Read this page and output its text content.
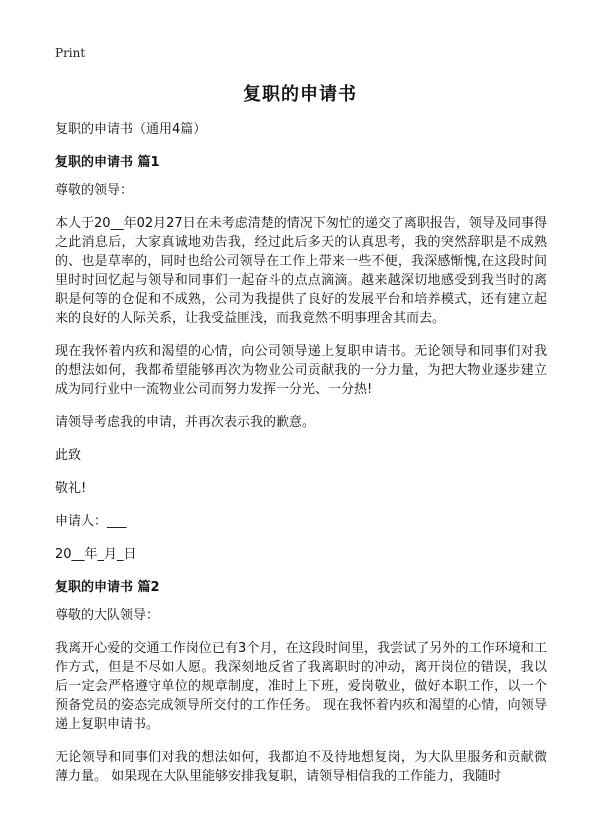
Print
复职的申请书

复职的申请书（通用4篇）

复职的申请书 篇1

尊敬的领导：

本人于20__年02月27日在未考虑清楚的情况下匆忙的递交了离职报告，领导及同事得之此消息后，大家真诚地劝告我，经过此后多天的认真思考，我的突然辞职是不成熟的、也是草率的，同时也给公司领导在工作上带来一些不便，我深感惭愧,在这段时间里时时回忆起与领导和同事们一起奋斗的点点滴滴。越来越深切地感受到我当时的离职是何等的仓促和不成熟，公司为我提供了良好的发展平台和培养模式，还有建立起来的良好的人际关系，让我受益匪浅，而我竟然不明事理舍其而去。

现在我怀着内疚和渴望的心情，向公司领导递上复职申请书。无论领导和同事们对我的想法如何，我都希望能够再次为物业公司贡献我的一分力量，为把大物业逐步建立成为同行业中一流物业公司而努力发挥一分光、一分热!

请领导考虑我的申请，并再次表示我的歉意。

此致

敬礼!

申请人：___

20__年_月_日

复职的申请书 篇2

尊敬的大队领导：

我离开心爱的交通工作岗位已有3个月，在这段时间里，我尝试了另外的工作环境和工作方式，但是不尽如人愿。我深刻地反省了我离职时的冲动，离开岗位的错误，我以后一定会严格遵守单位的规章制度，准时上下班，爱岗敬业，做好本职工作，以一个预备党员的姿态完成领导所交付的工作任务。 现在我怀着内疚和渴望的心情，向领导递上复职申请书。

无论领导和同事们对我的想法如何，我都迫不及待地想复岗，为大队里服务和贡献微薄力量。 如果现在大队里能够安排我复职，请领导相信我的工作能力，我随时
